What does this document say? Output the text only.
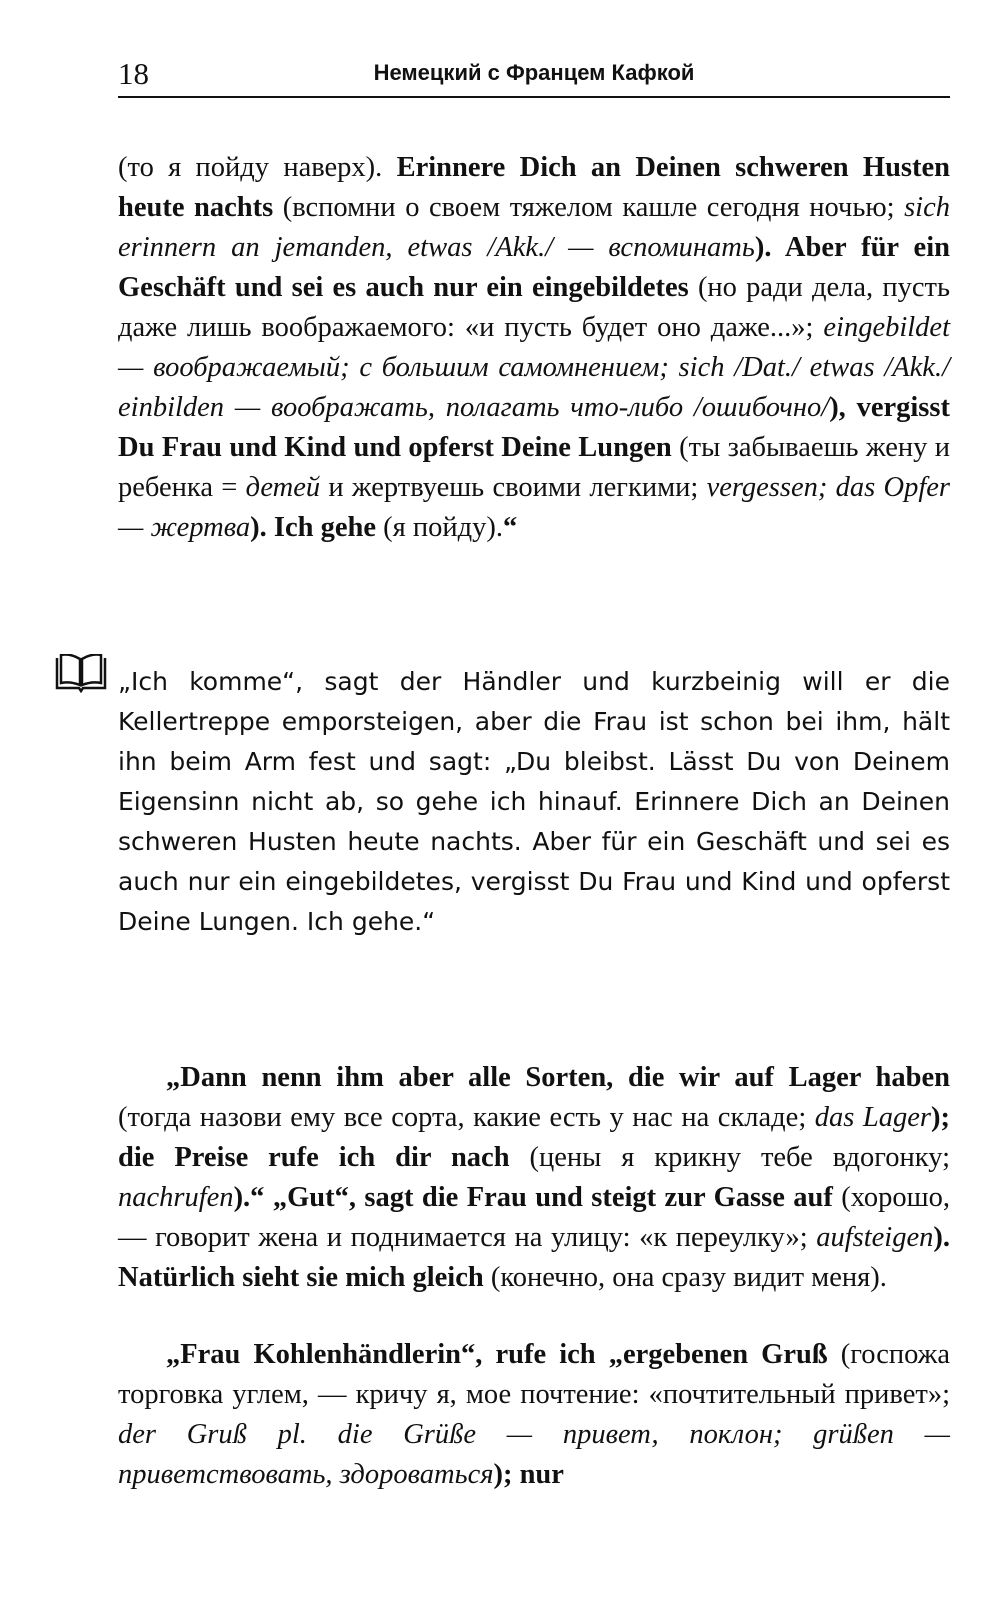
18	Немецкий с Францем Кафкой

(то я пойду наверх). Erinnere Dich an Deinen schweren Husten heute nachts (вспомни о своем тяжелом кашле сегодня ночью; sich erinnern an jemanden, etwas /Akk./ — вспоминать). Aber für ein Geschäft und sei es auch nur ein eingebildetes (но ради дела, пусть даже лишь воображаемого: «и пусть будет оно даже...»; eingebildet — воображаемый; с большим самомнением; sich /Dat./ etwas /Akk./ einbilden — воображать, полагать что-либо /ошибочно/), vergisst Du Frau und Kind und opferst Deine Lungen (ты забываешь жену и ребенка = детей и жертвуешь своими легкими; vergessen; das Opfer — жертва). Ich gehe (я пойду).“

„Ich komme“, sagt der Händler und kurzbeinig will er die Kellertreppe emporsteigen, aber die Frau ist schon bei ihm, hält ihn beim Arm fest und sagt: „Du bleibst. Lässt Du von Deinem Eigensinn nicht ab, so gehe ich hinauf. Erinnere Dich an Deinen schweren Husten heute nachts. Aber für ein Geschäft und sei es auch nur ein eingebildetes, vergisst Du Frau und Kind und opferst Deine Lungen. Ich gehe.“

„Dann nenn ihm aber alle Sorten, die wir auf Lager haben (тогда назови ему все сорта, какие есть у нас на складе; das Lager); die Preise rufe ich dir nach (цены я крикну тебе вдогонку; nachrufen).“ „Gut“, sagt die Frau und steigt zur Gasse auf (хорошо, — говорит жена и поднимается на улицу: «к переулку»; aufsteigen). Natürlich sieht sie mich gleich (конечно, она сразу видит меня).

„Frau Kohlenhändlerin“, rufe ich „ergebenen Gruß (госпожа торговка углем, — кричу я, мое почтение: «почтительный привет»; der Gruß pl. die Grüße — привет, поклон; grüßen — приветствовать, здороваться); nur
